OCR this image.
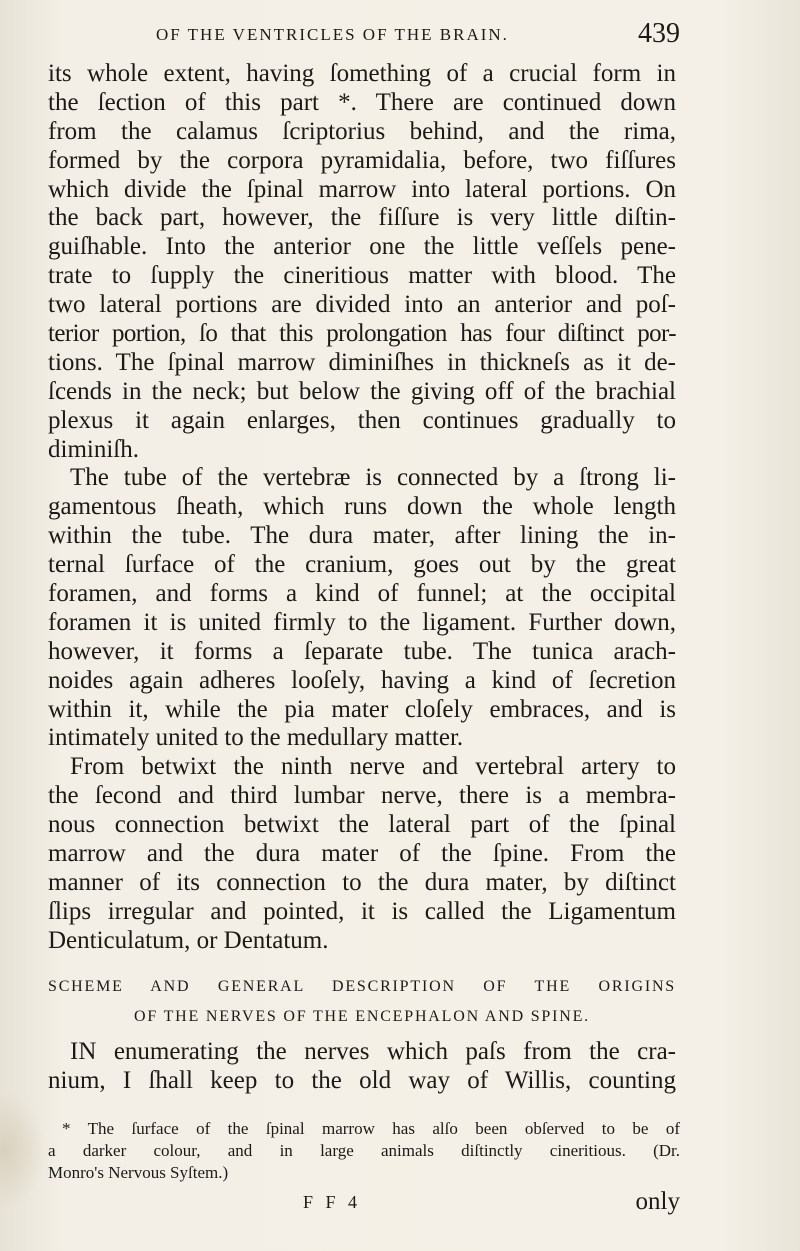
OF THE VENTRICLES OF THE BRAIN.	439
its whole extent, having ſomething of a crucial form in
the ſection of this part *. There are continued down
from the calamus ſcriptorius behind, and the rima,
formed by the corpora pyramidalia, before, two fiſſures
which divide the ſpinal marrow into lateral portions. On
the back part, however, the fiſſure is very little diſtin-
guiſhable. Into the anterior one the little veſſels pene-
trate to ſupply the cineritious matter with blood. The
two lateral portions are divided into an anterior and poſ-
terior portion, ſo that this prolongation has four diſtinct por-
tions. The ſpinal marrow diminiſhes in thickneſs as it de-
ſcends in the neck; but below the giving off of the brachial
plexus it again enlarges, then continues gradually to
diminiſh.
The tube of the vertebræ is connected by a ſtrong li-
gamentous ſheath, which runs down the whole length
within the tube. The dura mater, after lining the in-
ternal ſurface of the cranium, goes out by the great
foramen, and forms a kind of funnel; at the occipital
foramen it is united firmly to the ligament. Further down,
however, it forms a ſeparate tube. The tunica arach-
noides again adheres looſely, having a kind of ſecretion
within it, while the pia mater cloſely embraces, and is
intimately united to the medullary matter.
From betwixt the ninth nerve and vertebral artery to
the ſecond and third lumbar nerve, there is a membra-
nous connection betwixt the lateral part of the ſpinal
marrow and the dura mater of the ſpine. From the
manner of its connection to the dura mater, by diſtinct
ſlips irregular and pointed, it is called the Ligamentum
Denticulatum, or Dentatum.
SCHEME AND GENERAL DESCRIPTION OF THE ORIGINS
OF THE NERVES OF THE ENCEPHALON AND SPINE.
IN enumerating the nerves which paſs from the cra-
nium, I ſhall keep to the old way of Willis, counting
* The ſurface of the ſpinal marrow has alſo been obſerved to be of
a darker colour, and in large animals diſtinctly cineritious. (Dr.
Monro's Nervous Syſtem.)
F F 4	only
